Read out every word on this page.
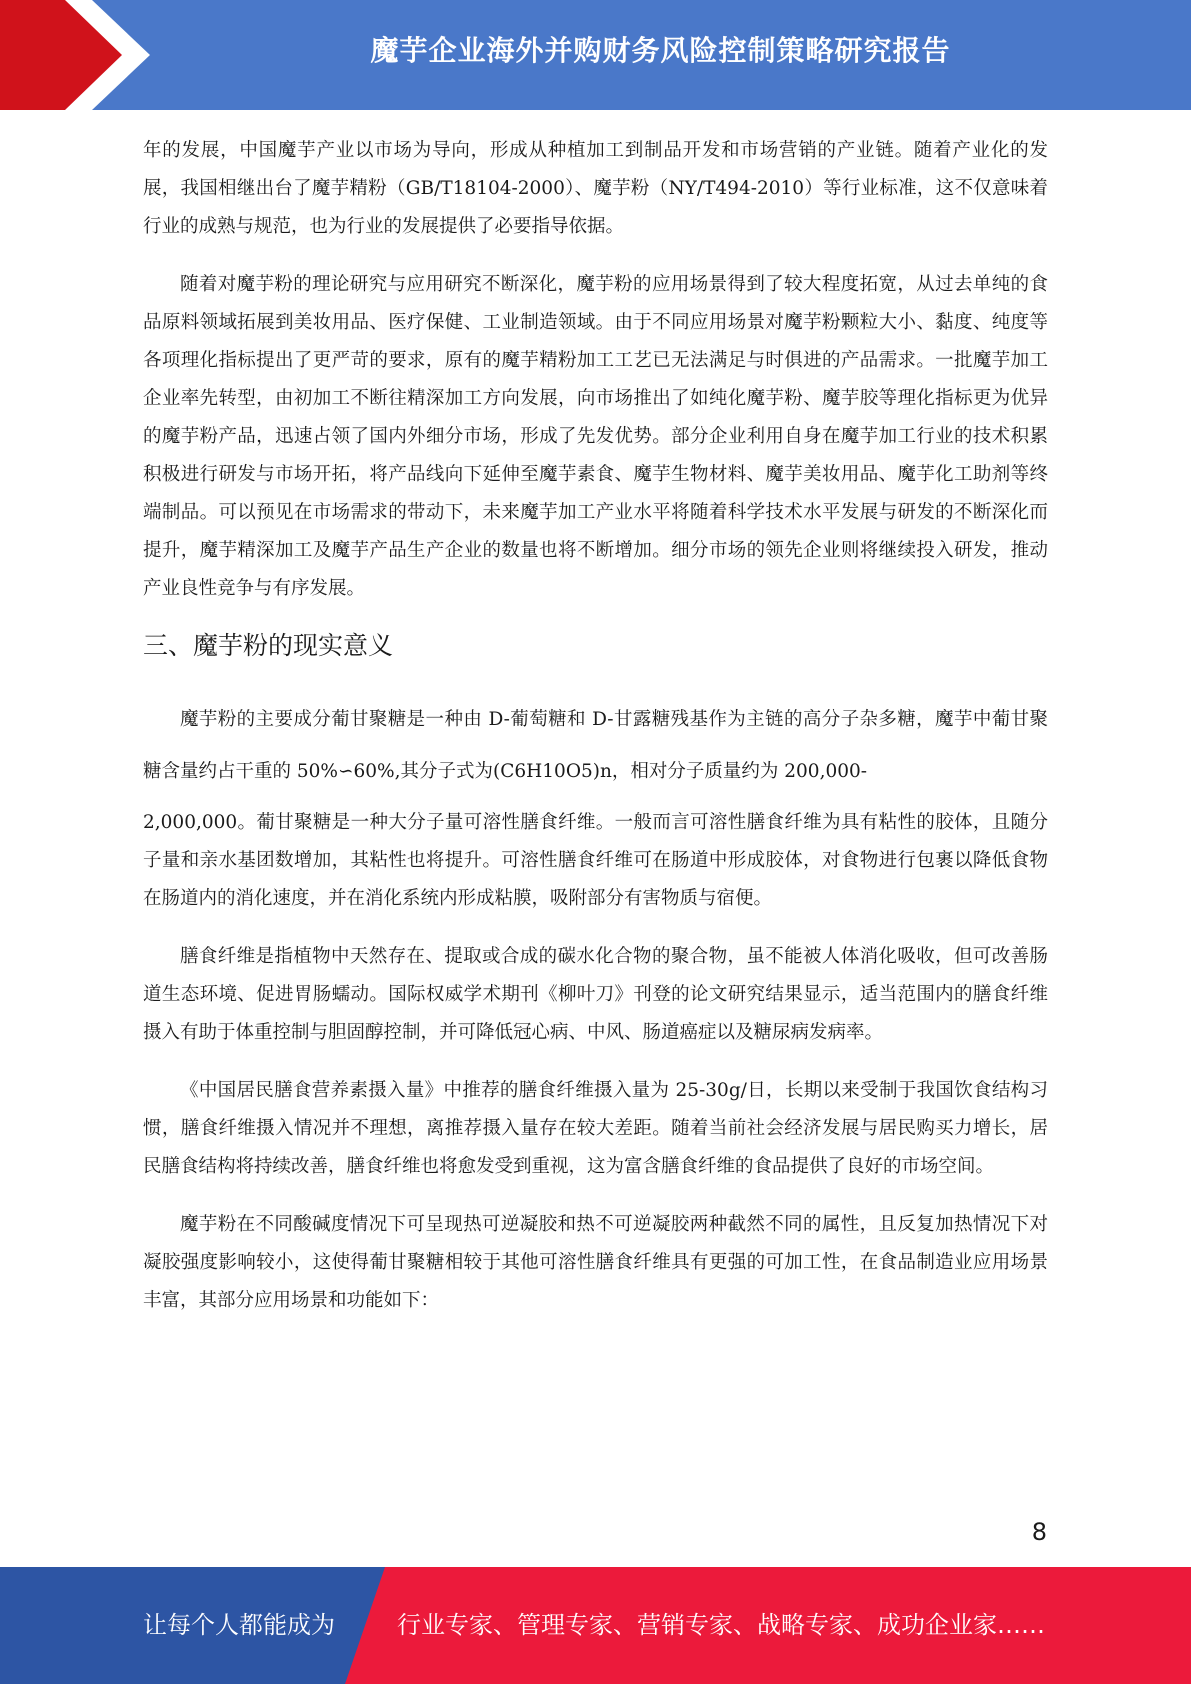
魔芋企业海外并购财务风险控制策略研究报告

年的发展，中国魔芋产业以市场为导向，形成从种植加工到制品开发和市场营销的产业链。随着产业化的发展，我国相继出台了魔芋精粉（GB/T18104-2000）、魔芋粉（NY/T494-2010）等行业标准，这不仅意味着行业的成熟与规范，也为行业的发展提供了必要指导依据。

随着对魔芋粉的理论研究与应用研究不断深化，魔芋粉的应用场景得到了较大程度拓宽，从过去单纯的食品原料领域拓展到美妆用品、医疗保健、工业制造领域。由于不同应用场景对魔芋粉颗粒大小、黏度、纯度等各项理化指标提出了更严苛的要求，原有的魔芋精粉加工工艺已无法满足与时俱进的产品需求。一批魔芋加工企业率先转型，由初加工不断往精深加工方向发展，向市场推出了如纯化魔芋粉、魔芋胶等理化指标更为优异的魔芋粉产品，迅速占领了国内外细分市场，形成了先发优势。部分企业利用自身在魔芋加工行业的技术积累积极进行研发与市场开拓，将产品线向下延伸至魔芋素食、魔芋生物材料、魔芋美妆用品、魔芋化工助剂等终端制品。可以预见在市场需求的带动下，未来魔芋加工产业水平将随着科学技术水平发展与研发的不断深化而提升，魔芋精深加工及魔芋产品生产企业的数量也将不断增加。细分市场的领先企业则将继续投入研发，推动产业良性竞争与有序发展。

三、魔芋粉的现实意义

魔芋粉的主要成分葡甘聚糖是一种由 D-葡萄糖和 D-甘露糖残基作为主链的高分子杂多糖，魔芋中葡甘聚糖含量约占干重的 50%∽60%,其分子式为(C6H10O5)n，相对分子质量约为 200,000-

2,000,000。葡甘聚糖是一种大分子量可溶性膳食纤维。一般而言可溶性膳食纤维为具有粘性的胶体，且随分子量和亲水基团数增加，其粘性也将提升。可溶性膳食纤维可在肠道中形成胶体，对食物进行包裹以降低食物在肠道内的消化速度，并在消化系统内形成粘膜，吸附部分有害物质与宿便。

膳食纤维是指植物中天然存在、提取或合成的碳水化合物的聚合物，虽不能被人体消化吸收，但可改善肠道生态环境、促进胃肠蠕动。国际权威学术期刊《柳叶刀》刊登的论文研究结果显示，适当范围内的膳食纤维摄入有助于体重控制与胆固醇控制，并可降低冠心病、中风、肠道癌症以及糖尿病发病率。

《中国居民膳食营养素摄入量》中推荐的膳食纤维摄入量为 25-30g/日，长期以来受制于我国饮食结构习惯，膳食纤维摄入情况并不理想，离推荐摄入量存在较大差距。随着当前社会经济发展与居民购买力增长，居民膳食结构将持续改善，膳食纤维也将愈发受到重视，这为富含膳食纤维的食品提供了良好的市场空间。

魔芋粉在不同酸碱度情况下可呈现热可逆凝胶和热不可逆凝胶两种截然不同的属性，且反复加热情况下对凝胶强度影响较小，这使得葡甘聚糖相较于其他可溶性膳食纤维具有更强的可加工性，在食品制造业应用场景丰富，其部分应用场景和功能如下：

8
让每个人都能成为	行业专家、管理专家、营销专家、战略专家、成功企业家……
